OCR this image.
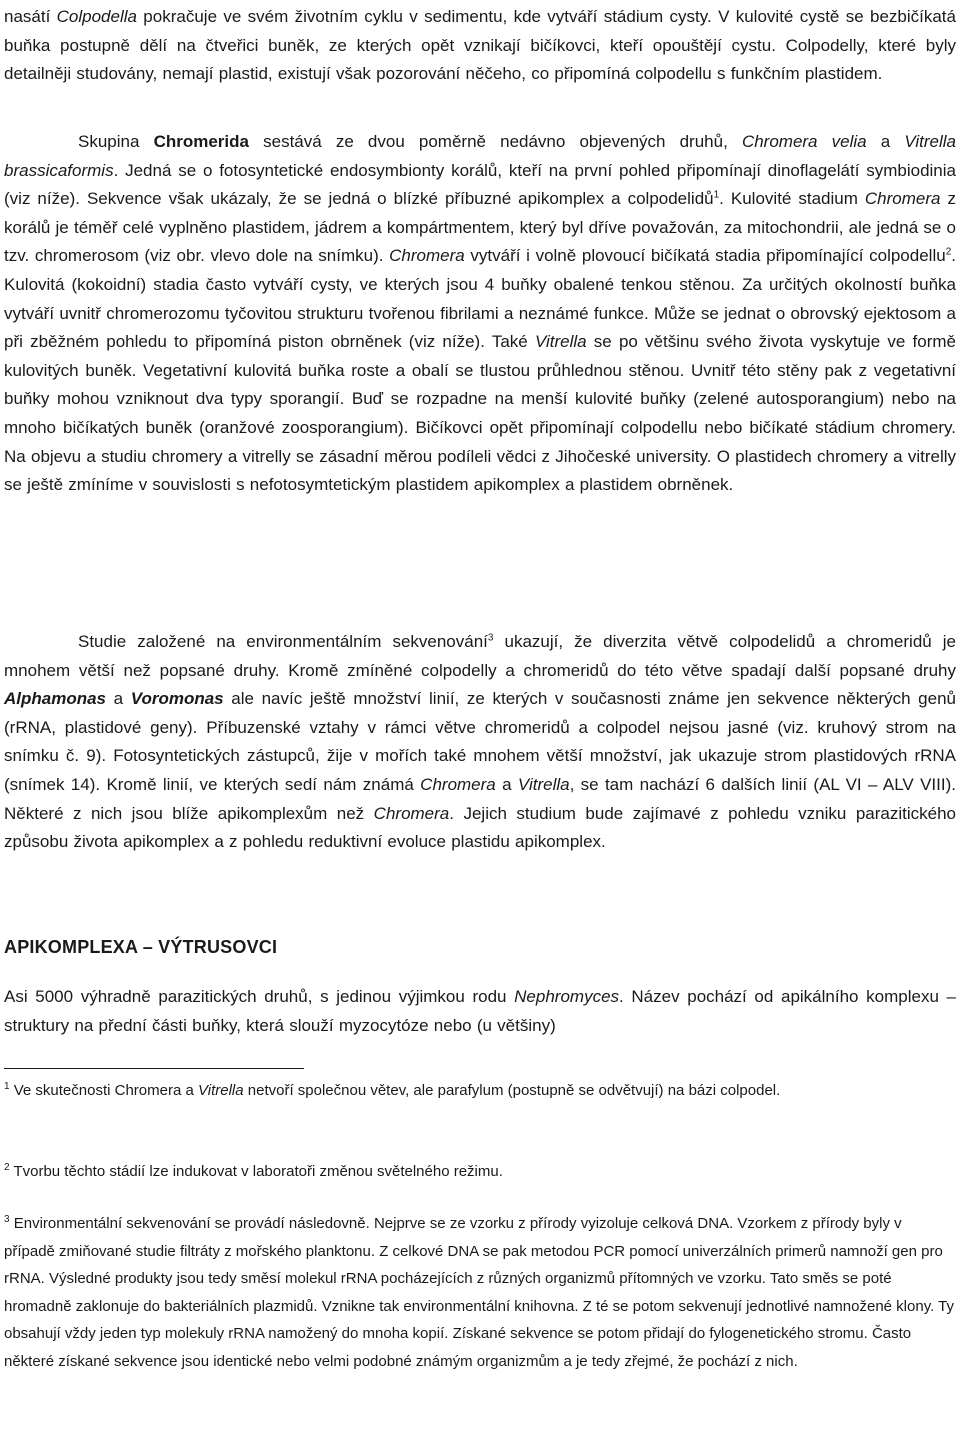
nasátí Colpodella pokračuje ve svém životním cyklu v sedimentu, kde vytváří stádium cysty. V kulovité cystě se bezbičíkatá buňka postupně dělí na čtveřici buněk, ze kterých opět vznikají bičíkovci, kteří opouštějí cystu. Colpodelly, které byly detailněji studovány, nemají plastid, existují však pozorování něčeho, co připomíná colpodellu s funkčním plastidem.

Skupina Chromerida sestává ze dvou poměrně nedávno objevených druhů, Chromera velia a Vitrella brassicaformis. Jedná se o fotosyntetické endosymbionty korálů, kteří na první pohled připomínají dinoflagelátí symbiodinia (viz níže). Sekvence však ukázaly, že se jedná o blízké příbuzné apikomplex a colpodelidů$^1$. Kulovité stadium Chromera z korálů je téměř celé vyplněno plastidem, jádrem a kompártmentem, který byl dříve považován, za mitochondrii, ale jedná se o tzv. chromerosom (viz obr. vlevo dole na snímku). Chromera vytváří i volně plovoucí bičíkatá stadia připomínající colpodellu$^2$. Kulovitá (kokoidní) stadia často vytváří cysty, ve kterých jsou 4 buňky obalené tenkou stěnou. Za určitých okolností buňka vytváří uvnitř chromerozomu tyčovitou strukturu tvořenou fibrilami a neznámé funkce. Může se jednat o obrovský ejektosom a při zběžném pohledu to připomíná piston obrněnek (viz níže). Také Vitrella se po většinu svého života vyskytuje ve formě kulovitých buněk. Vegetativní kulovitá buňka roste a obalí se tlustou průhlednou stěnou. Uvnitř této stěny pak z vegetativní buňky mohou vzniknout dva typy sporangií. Buď se rozpadne na menší kulovité buňky (zelené autosporangium) nebo na mnoho bičíkatých buněk (oranžové zoosporangium). Bičíkovci opět připomínají colpodellu nebo bičíkaté stádium chromery. Na objevu a studiu chromery a vitrelly se zásadní měrou podíleli vědci z Jihočeské university. O plastidech chromery a vitrelly se ještě zmíníme v souvislosti s nefotosymtetickým plastidem apikomplex a plastidem obrněnek.

Studie založené na environmentálním sekvenování$^3$ ukazují, že diverzita větvě colpodelidů a chromeridů je mnohem větší než popsané druhy. Kromě zmíněné colpodelly a chromeridů do této větve spadají další popsané druhy Alphamonas a Voromonas ale navíc ještě množství linií, ze kterých v současnosti známe jen sekvence některých genů (rRNA, plastidové geny). Příbuzenské vztahy v rámci větve chromeridů a colpodel nejsou jasné (viz. kruhový strom na snímku č. 9). Fotosyntetických zástupců, žije v mořích také mnohem větší množství, jak ukazuje strom plastidových rRNA (snímek 14). Kromě linií, ve kterých sedí nám známá Chromera a Vitrella, se tam nachází 6 dalších linií (AL VI – ALV VIII). Některé z nich jsou blíže apikomplexům než Chromera. Jejich studium bude zajímavé z pohledu vzniku parazitického způsobu života apikomplex a z pohledu reduktivní evoluce plastidu apikomplex.

APIKOMPLEXA – VÝTRUSOVCI

Asi 5000 výhradně parazitických druhů, s jedinou výjimkou rodu Nephromyces. Název pochází od apikálního komplexu – struktury na přední části buňky, která slouží myzocytóze nebo (u většiny)

$^1$ Ve skutečnosti Chromera a Vitrella netvoří společnou větev, ale parafylum (postupně se odvětvují) na bázi colpodel.

$^2$ Tvorbu těchto stádií lze indukovat v laboratoři změnou světelného režimu.

$^3$ Environmentální sekvenování se provádí následovně. Nejprve se ze vzorku z přírody vyizoluje celková DNA. Vzorkem z přírody byly v případě zmiňované studie filtráty z mořského planktonu. Z celkové DNA se pak metodou PCR pomocí univerzálních primerů namnoží gen pro rRNA. Výsledné produkty jsou tedy směsí molekul rRNA pocházejících z různých organizmů přítomných ve vzorku. Tato směs se poté hromadně zaklonuje do bakteriálních plazmidů. Vznikne tak environmentální knihovna. Z té se potom sekvenují jednotlivé namnožené klony. Ty obsahují vždy jeden typ molekuly rRNA namožený do mnoha kopií. Získané sekvence se potom přidají do fylogenetického stromu. Často některé získané sekvence jsou identické nebo velmi podobné známým organizmům a je tedy zřejmé, že pochází z nich.
